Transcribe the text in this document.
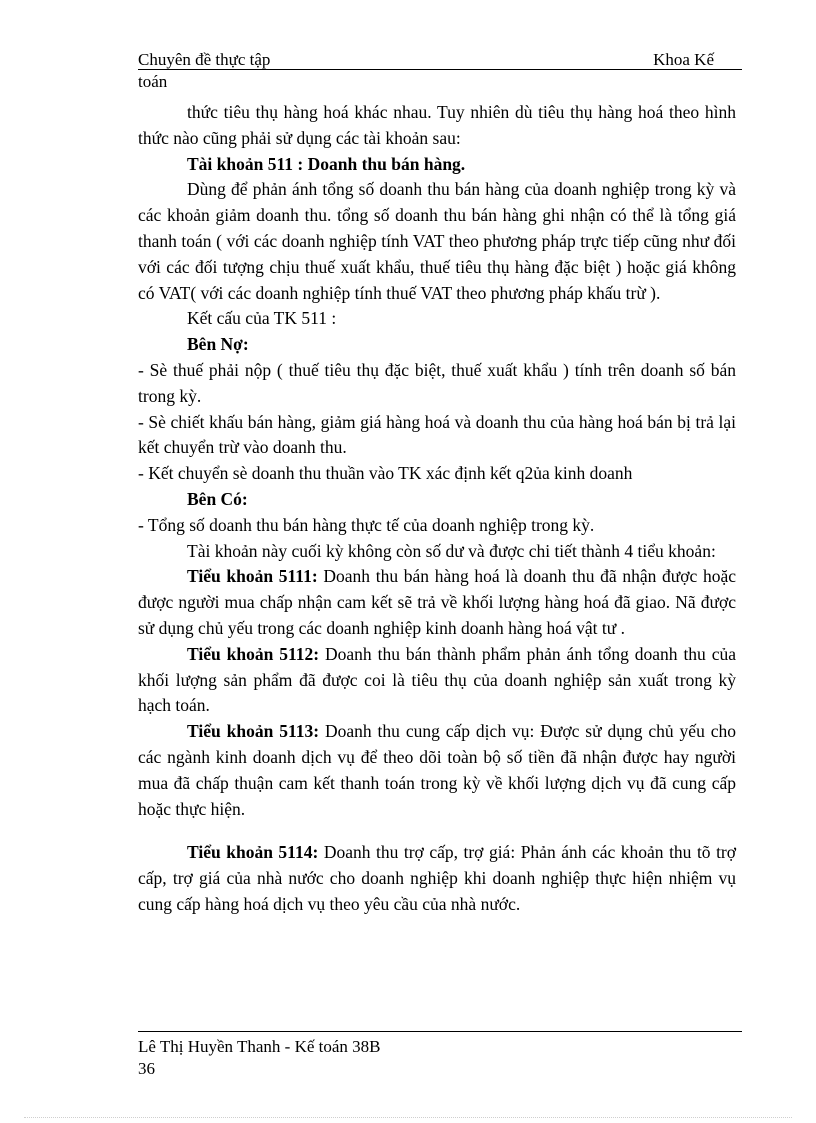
Chuyên đề thực tập	Khoa Kế
toán

thức tiêu thụ hàng hoá khác nhau. Tuy nhiên dù tiêu thụ hàng hoá theo hình thức nào cũng phải sử dụng các tài khoản sau:

Tài khoản 511 : Doanh thu bán hàng.

Dùng để phản ánh tổng số doanh thu bán hàng của doanh nghiệp trong kỳ và các khoản giảm doanh thu. tổng số doanh thu bán hàng ghi nhận có thể là tổng giá thanh toán ( với các doanh nghiệp tính VAT theo phương pháp trực tiếp cũng như đối với các đối tượng chịu thuế xuất khẩu, thuế tiêu thụ hàng đặc biệt ) hoặc giá không có VAT( với các doanh nghiệp tính thuế VAT theo phương pháp khấu trừ ).

Kết cấu của TK 511 :

Bên Nợ:

- Sè thuế phải nộp ( thuế tiêu thụ đặc biệt, thuế xuất khẩu ) tính trên doanh số bán trong kỳ.

- Sè chiết khấu bán hàng, giảm giá hàng hoá và doanh thu của hàng hoá bán bị trả lại kết chuyển trừ vào doanh thu.

- Kết chuyển sè doanh thu thuần vào TK xác định kết q2ủa kinh doanh

Bên Có:

- Tổng số doanh thu bán hàng thực tế của doanh nghiệp trong kỳ.

Tài khoản này cuối kỳ không còn số dư và được chi tiết thành 4 tiểu khoản:

Tiểu khoản 5111: Doanh thu bán hàng hoá là doanh thu đã nhận được hoặc được người mua chấp nhận cam kết sẽ trả về khối lượng hàng hoá đã giao. Nã được sử dụng chủ yếu trong các doanh nghiệp kinh doanh hàng hoá vật tư .

Tiểu khoản 5112: Doanh thu bán thành phẩm phản ánh tổng doanh thu của khối lượng sản phẩm đã được coi là tiêu thụ của doanh nghiệp sản xuất trong kỳ hạch toán.

Tiểu khoản 5113: Doanh thu cung cấp dịch vụ: Được sử dụng chủ yếu cho các ngành kinh doanh dịch vụ để theo dõi toàn bộ số tiền đã nhận được hay người mua đã chấp thuận cam kết thanh toán trong kỳ về khối lượng dịch vụ đã cung cấp hoặc thực hiện.

Tiểu khoản 5114: Doanh thu trợ cấp, trợ giá: Phản ánh các khoản thu tõ trợ cấp, trợ giá của nhà nước cho doanh nghiệp khi doanh nghiệp thực hiện nhiệm vụ cung cấp hàng hoá dịch vụ theo yêu cầu của nhà nước.

Lê Thị Huyền Thanh - Kế toán 38B
36
